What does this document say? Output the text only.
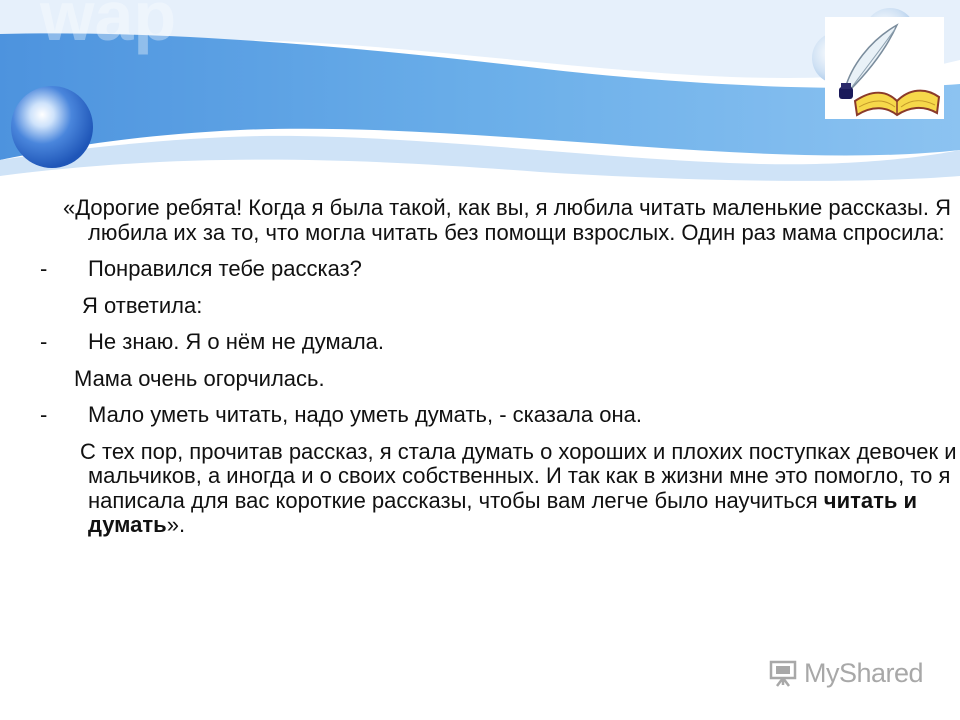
wap

«Дорогие ребята! Когда я была такой, как вы, я любила читать маленькие рассказы. Я любила их за то, что могла читать без помощи взрослых. Один раз мама спросила:

- Понравился тебе рассказ?

Я ответила:

- Не знаю. Я о нём не думала.

Мама очень огорчилась.

- Мало уметь читать, надо уметь думать, - сказала она.

С тех пор, прочитав рассказ, я стала думать о хороших и плохих поступках девочек и мальчиков, а иногда и о своих собственных. И так как в жизни мне это помогло, то я написала для вас короткие рассказы, чтобы вам легче было научиться читать и думать».

MyShared
